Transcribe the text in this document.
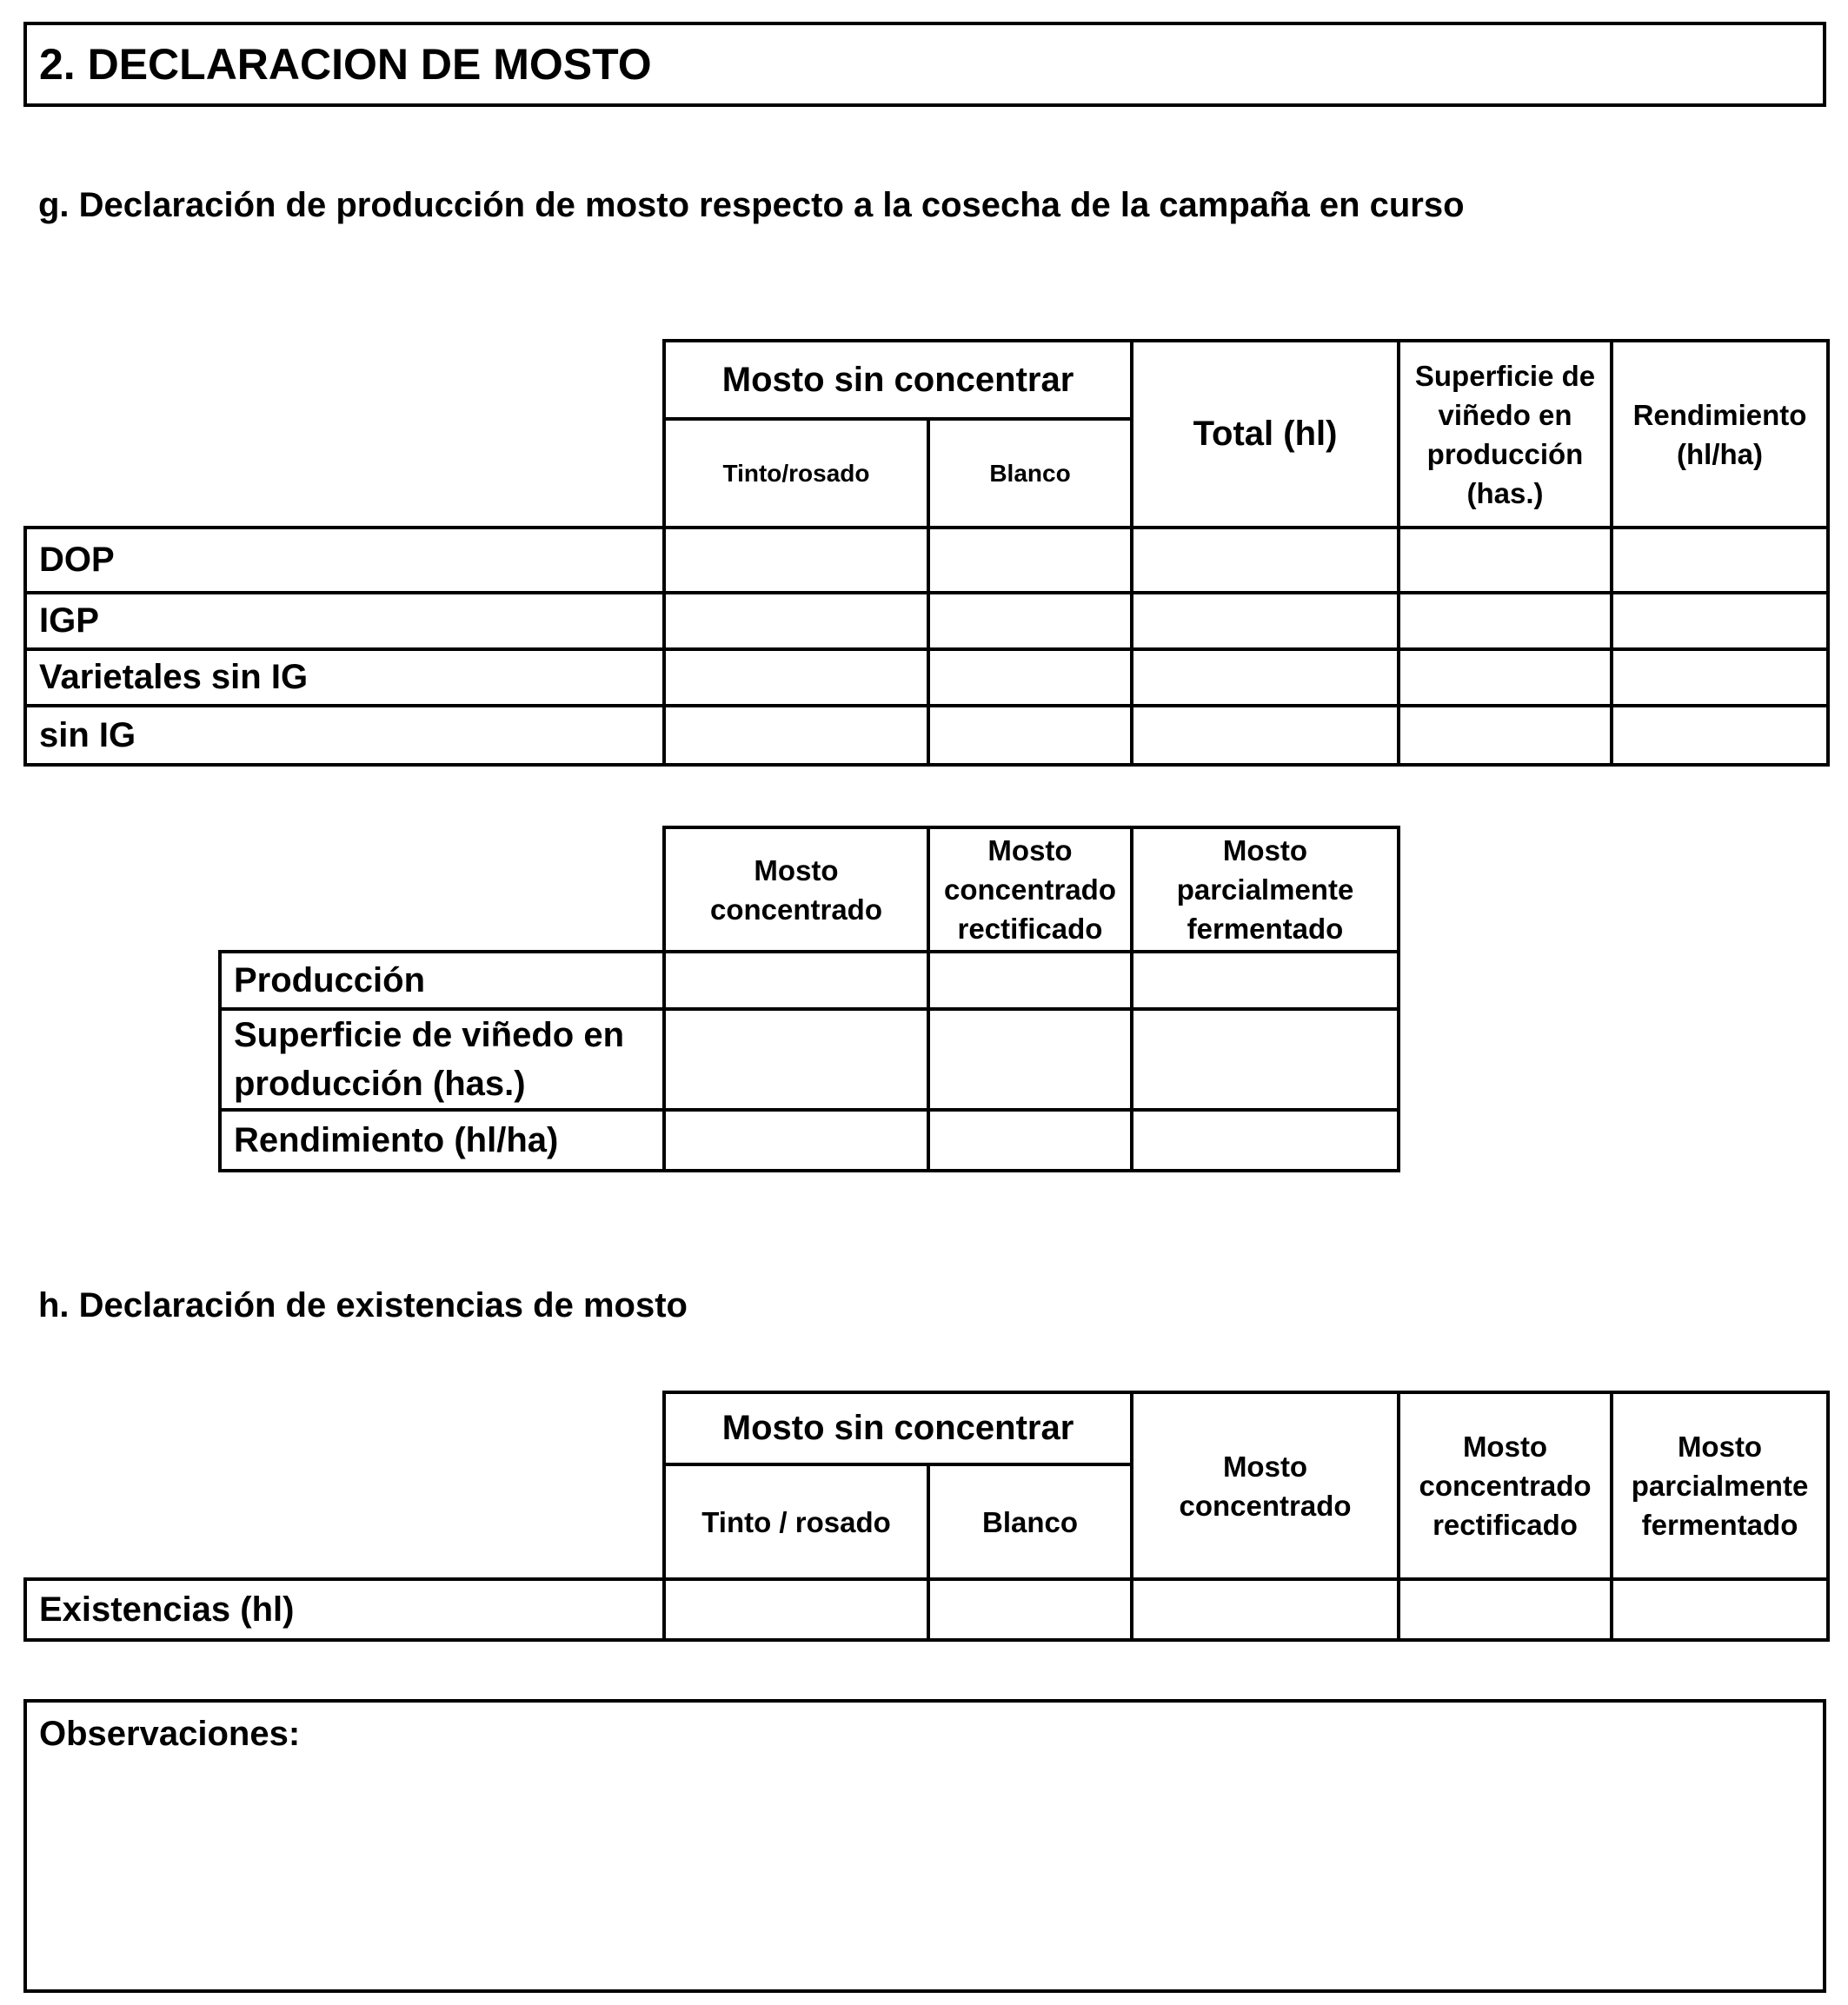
2. DECLARACION DE MOSTO
g. Declaración de producción de mosto respecto a la cosecha de la campaña en curso
	Mosto sin concentrar		Total (hl)	Superficie de viñedo en producción (has.)	Rendimiento (hl/ha)
	Tinto/rosado	Blanco			
DOP					
IGP					
Varietales sin IG					
sin IG					
	Mosto concentrado	Mosto concentrado rectificado	Mosto parcialmente fermentado
Producción			
Superficie de viñedo en producción (has.)			
Rendimiento (hl/ha)			
h. Declaración de existencias de mosto
	Mosto sin concentrar		Mosto concentrado	Mosto concentrado rectificado	Mosto parcialmente fermentado
	Tinto / rosado	Blanco			
Existencias (hl)					
Observaciones:
